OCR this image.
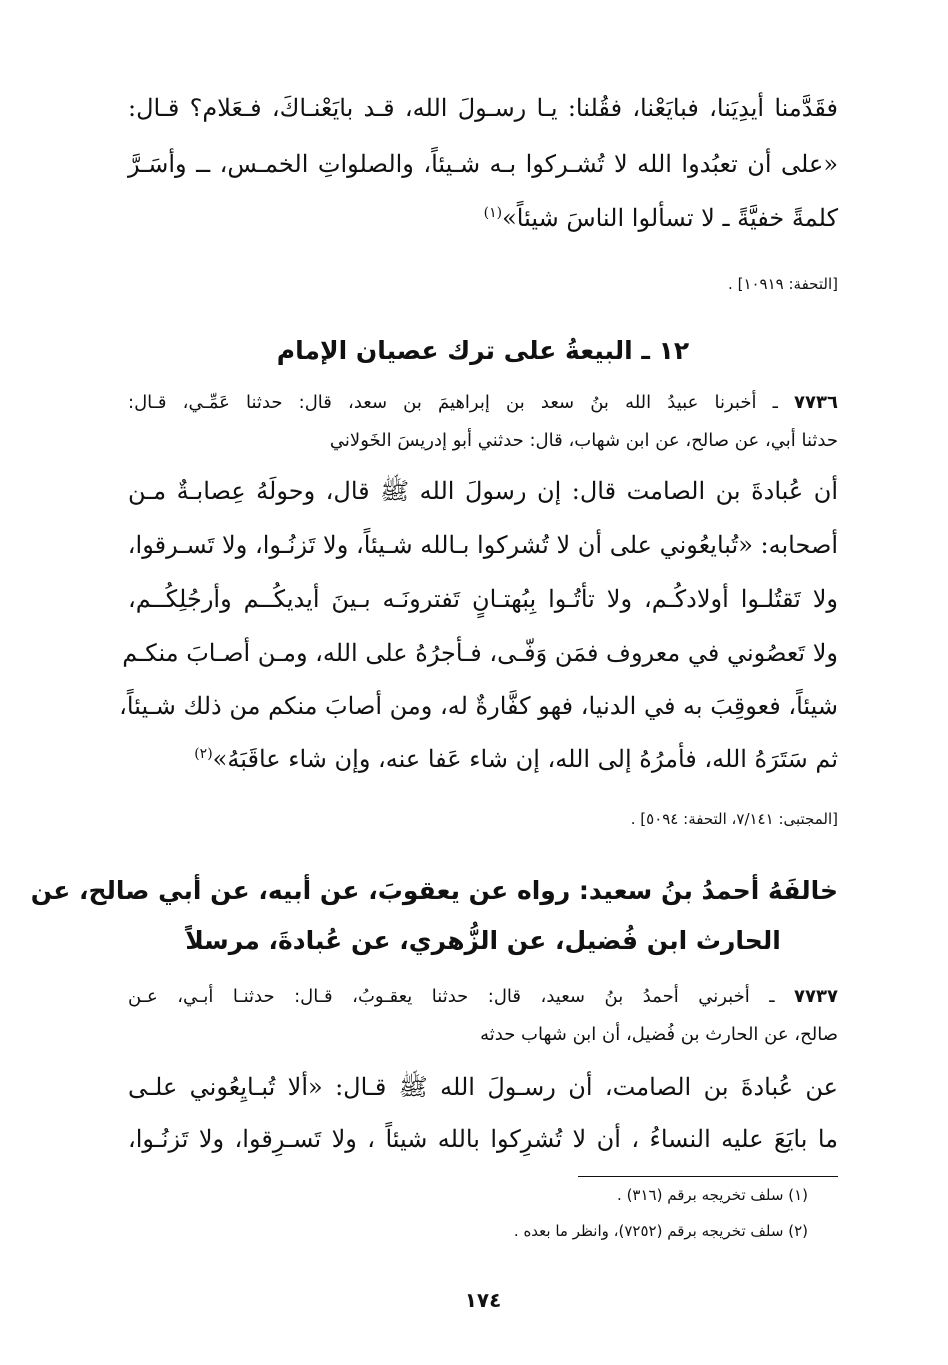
فقَدَّمنا أيدِيَنا، فبايَعْنا، فقُلنا: يـا رسـولَ الله، قـد بايَعْنـاكَ، فـعَلام؟ قـال:
«على أن تعبُدوا الله لا تُشـركوا بـه شـيئاً، والصلواتِ الخمـس، ــ وأسَـرَّ
كلمةً خفيَّةً ـ لا تسألوا الناسَ شيئاً»$^{(١)}$
[التحفة: ١٠٩١٩] .
١٢ ـ البيعةُ على ترك عصيان الإمام
٧٧٣٦ ـ أخبرنا عبيدُ الله بنُ سعد بن إبراهيمَ بن سعد، قال: حدثنا عَمِّـي، قـال:
حدثنا أبي، عن صالح، عن ابن شهاب، قال: حدثني أبو إدريسَ الخَولاني
أن عُبادةَ بن الصامت قال: إن رسولَ الله ﷺ قال، وحولَهُ عِصابـةٌ مـن
أصحابه: «تُبايعُوني على أن لا تُشركوا بـالله شـيئاً، ولا تَزنُـوا، ولا تَسـرقوا،
ولا تَقتُلـوا أولادكُـم، ولا تأتُـوا بِبُهتـانٍ تَفترونَـه بـينَ أيديكُــم وأرجُلِكُــم،
ولا تَعصُوني في معروف فمَن وَفّـى، فـأجرُهُ على الله، ومـن أصـابَ منكـم
شيئاً، فعوقِبَ به في الدنيا، فهو كفَّارةٌ له، ومن أصابَ منكم من ذلك شـيئاً،
ثم سَتَرَهُ الله، فأمرُهُ إلى الله، إن شاء عَفا عنه، وإن شاء عاقَبَهُ»$^{(٢)}$
[المجتبى: ٧/١٤١، التحفة: ٥٠٩٤] .
خالفَهُ أحمدُ بنُ سعيد: رواه عن يعقوبَ، عن أبيه، عن أبي صالح، عن
الحارث ابن فُضيل، عن الزُّهري، عن عُبادةَ، مرسلاً
٧٧٣٧ ـ أخبرني أحمدُ بنُ سعيد، قال: حدثنا يعقـوبُ، قـال: حدثنـا أبـي، عـن
صالح، عن الحارث بن فُضيل، أن ابن شهاب حدثه
عن عُبادةَ بن الصامت، أن رسـولَ الله ﷺ قـال: «ألا تُبـايِعُوني علـى
ما بايَعَ عليه النساءُ ، أن لا تُشرِكوا بالله شيئاً ، ولا تَسـرِقوا، ولا تَزنُـوا،
(١) سلف تخريجه برقم (٣١٦) .
(٢) سلف تخريجه برقم (٧٢٥٢)، وانظر ما بعده .
١٧٤
